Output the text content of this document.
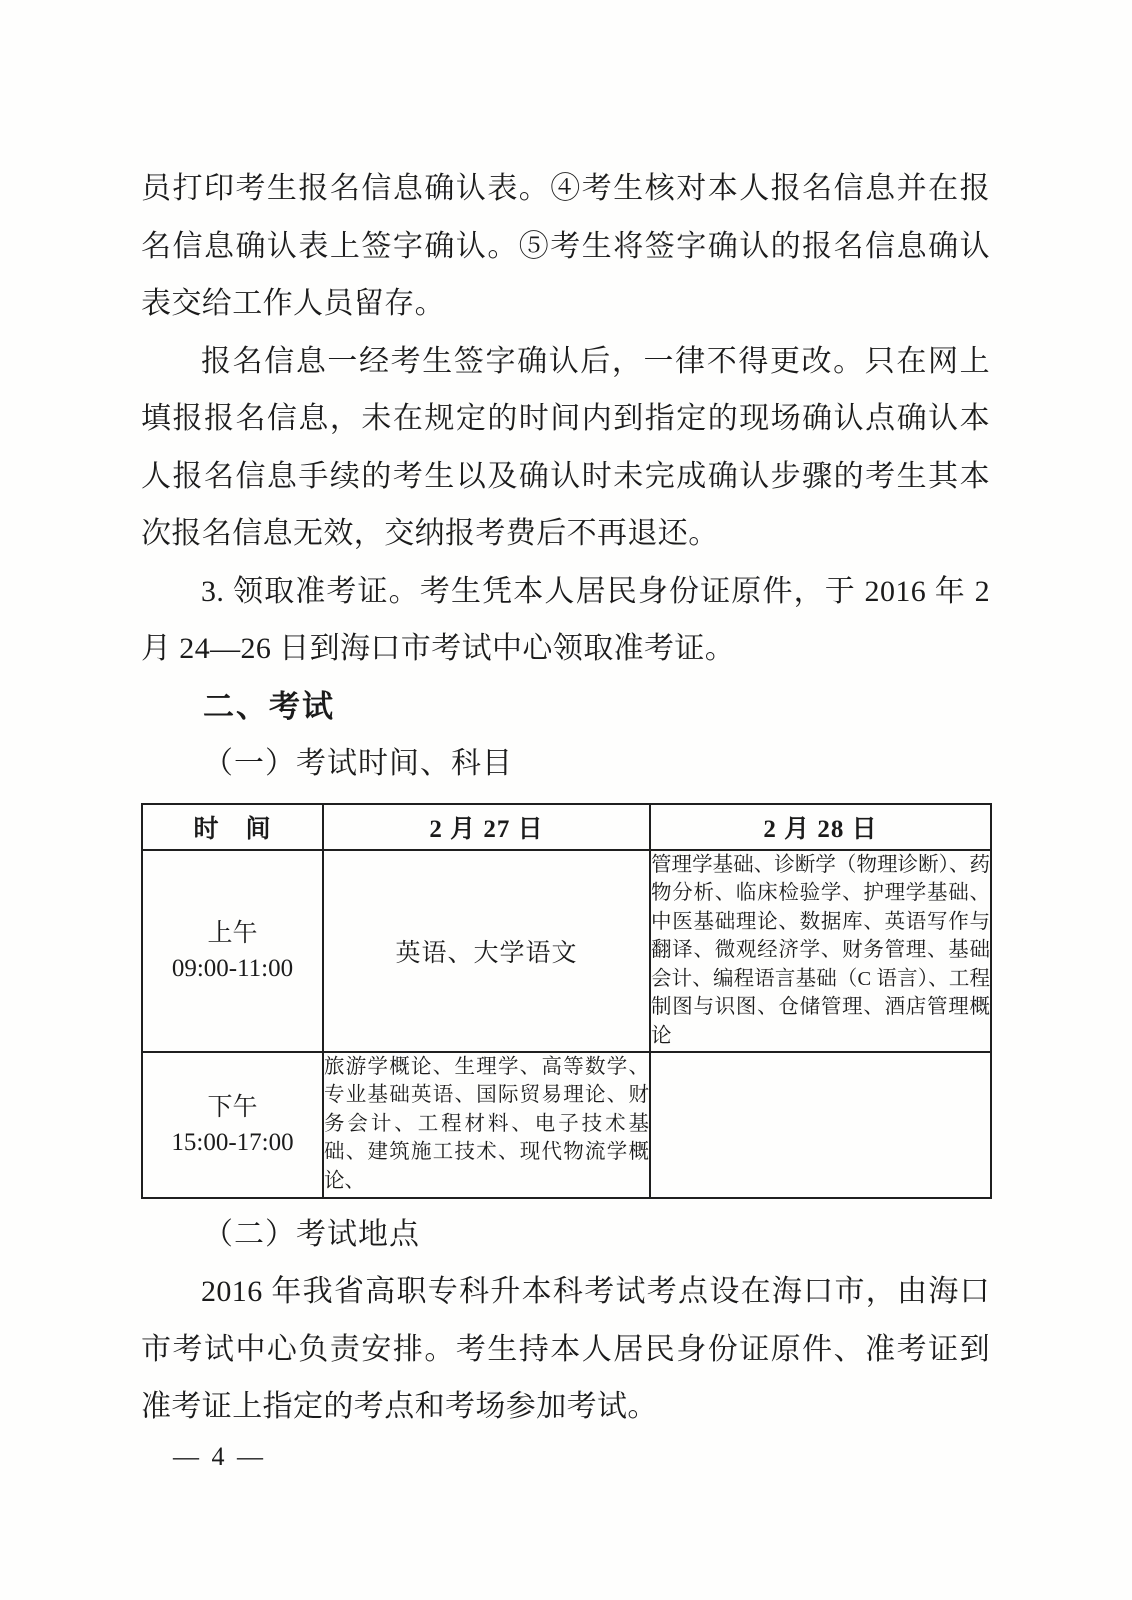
员打印考生报名信息确认表。④考生核对本人报名信息并在报名信息确认表上签字确认。⑤考生将签字确认的报名信息确认表交给工作人员留存。

报名信息一经考生签字确认后，一律不得更改。只在网上填报报名信息，未在规定的时间内到指定的现场确认点确认本人报名信息手续的考生以及确认时未完成确认步骤的考生其本次报名信息无效，交纳报考费后不再退还。

3. 领取准考证。考生凭本人居民身份证原件，于 2016 年 2 月 24—26 日到海口市考试中心领取准考证。

二、考试
（一）考试时间、科目
时　间	2 月 27 日	2 月 28 日

上午
09:00-11:00	英语、大学语文	管理学基础、诊断学（物理诊断）、药物分析、临床检验学、护理学基础、中医基础理论、数据库、英语写作与翻译、微观经济学、财务管理、基础会计、编程语言基础（C 语言）、工程制图与识图、仓储管理、酒店管理概论

下午
15:00-17:00	旅游学概论、生理学、高等数学、专业基础英语、国际贸易理论、财务会计、工程材料、电子技术基础、建筑施工技术、现代物流学概论、	
（二）考试地点

2016 年我省高职专科升本科考试考点设在海口市，由海口市考试中心负责安排。考生持本人居民身份证原件、准考证到准考证上指定的考点和考场参加考试。

— 4 —
